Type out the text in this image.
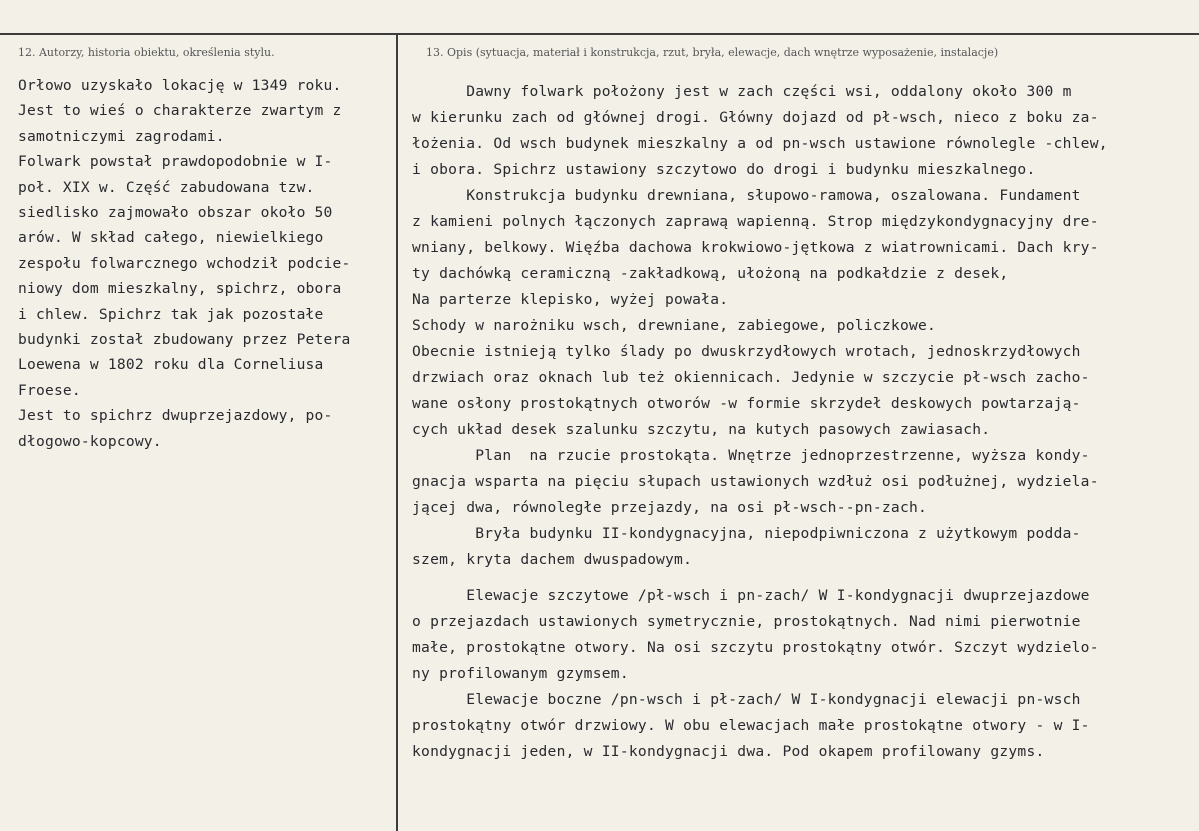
12. Autorzy, historia obiektu, określenia stylu.	13. Opis (sytuacja, materiał i konstrukcja, rzut, bryła, elewacje, dach wnętrze wyposażenie, instalacje)
Orłowo uzyskało lokację w 1349 roku.
Jest to wieś o charakterze zwartym z
samotniczymi zagrodami.
Folwark powstał prawdopodobnie w I-
poł. XIX w. Część zabudowana tzw.
siedlisko zajmowało obszar około 50
arów. W skład całego, niewielkiego
zespołu folwarcznego wchodził podcie-
niowy dom mieszkalny, spichrz, obora
i chlew. Spichrz tak jak pozostałe
budynki został zbudowany przez Petera
Loewena w 1802 roku dla Corneliusa
Froese.
Jest to spichrz dwuprzejazdowy, po-
dłogowo-kopcowy.
Dawny folwark położony jest w zach części wsi, oddalony około 300 m
w kierunku zach od głównej drogi. Główny dojazd od pł-wsch, nieco z boku za-
łożenia. Od wsch budynek mieszkalny a od pn-wsch ustawione równolegle -chlew,
i obora. Spichrz ustawiony szczytowo do drogi i budynku mieszkalnego.
Konstrukcja budynku drewniana, słupowo-ramowa, oszalowana. Fundament
z kamieni polnych łączonych zaprawą wapienną. Strop międzykondygnacyjny dre-
wniany, belkowy. Więźba dachowa krokwiowo-jętkowa z wiatrownicami. Dach kry-
ty dachówką ceramiczną -zakładkową, ułożoną na podkałdzie z desek,
Na parterze klepisko, wyżej powała.
Schody w narożniku wsch, drewniane, zabiegowe, policzkowe.
Obecnie istnieją tylko ślady po dwuskrzydłowych wrotach, jednoskrzydłowych
drzwiach oraz oknach lub też okiennicach. Jedynie w szczycie pł-wsch zacho-
wane osłony prostokątnych otworów -w formie skrzydeł deskowych powtarzają-
cych układ desek szalunku szczytu, na kutych pasowych zawiasach.
Plan  na rzucie prostokąta. Wnętrze jednoprzestrzenne, wyższa kondy-
gnacja wsparta na pięciu słupach ustawionych wzdłuż osi podłużnej, wydziela-
jącej dwa, równoległe przejazdy, na osi pł-wsch--pn-zach.
Bryła budynku II-kondygnacyjna, niepodpiwniczona z użytkowym podda-
szem, kryta dachem dwuspadowym.
Elewacje szczytowe /pł-wsch i pn-zach/ W I-kondygnacji dwuprzejazdowe
o przejazdach ustawionych symetrycznie, prostokątnych. Nad nimi pierwotnie
małe, prostokątne otwory. Na osi szczytu prostokątny otwór. Szczyt wydzielo-
ny profilowanym gzymsem.
Elewacje boczne /pn-wsch i pł-zach/ W I-kondygnacji elewacji pn-wsch
prostokątny otwór drzwiowy. W obu elewacjach małe prostokątne otwory - w I-
kondygnacji jeden, w II-kondygnacji dwa. Pod okapem profilowany gzyms.
